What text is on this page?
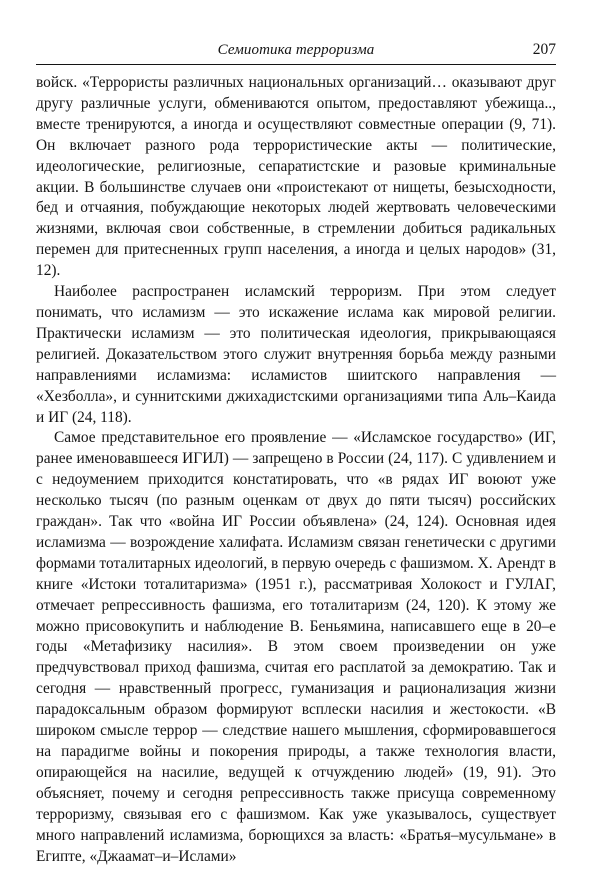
Семиотика терроризма	207

войск. «Террористы различных национальных организаций… оказывают друг другу различные услуги, обмениваются опытом, предоставляют убежища.., вместе тренируются, а иногда и осуществляют совместные операции (9, 71). Он включает разного рода террористические акты — политические, идеологические, религиозные, сепаратистские и разовые криминальные акции. В большинстве случаев они «проистекают от нищеты, безысходности, бед и отчаяния, побуждающие некоторых людей жертвовать человеческими жизнями, включая свои собственные, в стремлении добиться радикальных перемен для притесненных групп населения, а иногда и целых народов» (31, 12).

Наиболее распространен исламский терроризм. При этом следует понимать, что исламизм — это искажение ислама как мировой религии. Практически исламизм — это политическая идеология, прикрывающаяся религией. Доказательством этого служит внутренняя борьба между разными направлениями исламизма: исламистов шиитского направления — «Хезболла», и суннитскими джихадистскими организациями типа Аль–Каида и ИГ (24, 118).

Самое представительное его проявление — «Исламское государство» (ИГ, ранее именовавшееся ИГИЛ) — запрещено в России (24, 117). С удивлением и с недоумением приходится констатировать, что «в рядах ИГ воюют уже несколько тысяч (по разным оценкам от двух до пяти тысяч) российских граждан». Так что «война ИГ России объявлена» (24, 124). Основная идея исламизма — возрождение халифата. Исламизм связан генетически с другими формами тоталитарных идеологий, в первую очередь с фашизмом. Х. Арендт в книге «Истоки тоталитаризма» (1951 г.), рассматривая Холокост и ГУЛАГ, отмечает репрессивность фашизма, его тоталитаризм (24, 120). К этому же можно присовокупить и наблюдение В. Беньямина, написавшего еще в 20–е годы «Метафизику насилия». В этом своем произведении он уже предчувствовал приход фашизма, считая его расплатой за демократию. Так и сегодня — нравственный прогресс, гуманизация и рационализация жизни парадоксальным образом формируют всплески насилия и жестокости. «В широком смысле террор — следствие нашего мышления, сформировавшегося на парадигме войны и покорения природы, а также технология власти, опирающейся на насилие, ведущей к отчуждению людей» (19, 91). Это объясняет, почему и сегодня репрессивность также присуща современному терроризму, связывая его с фашизмом. Как уже указывалось, существует много направлений исламизма, борющихся за власть: «Братья–мусульмане» в Египте, «Джаамат–и–Ислами»
